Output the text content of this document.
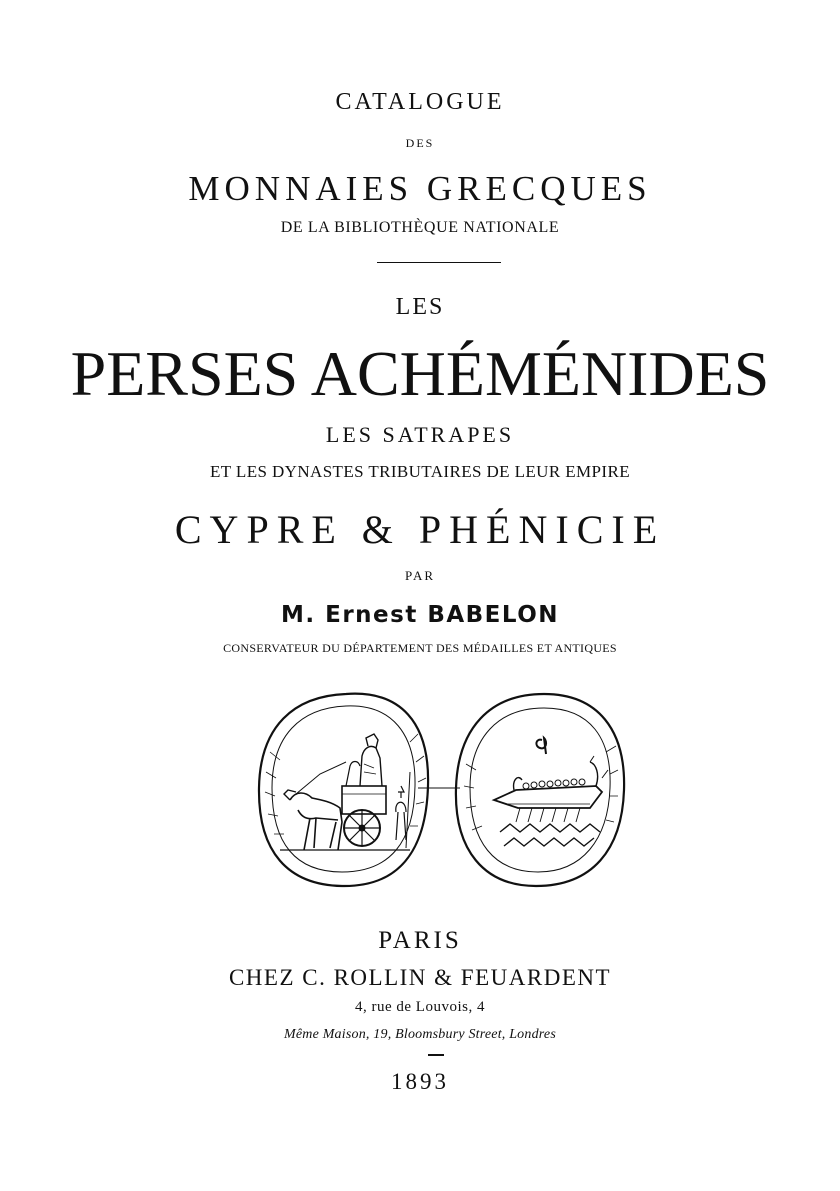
CATALOGUE
DES
MONNAIES GRECQUES
DE LA BIBLIOTHÈQUE NATIONALE
LES
PERSES ACHÉMÉNIDES
LES SATRAPES
ET LES DYNASTES TRIBUTAIRES DE LEUR EMPIRE
CYPRE & PHÉNICIE
PAR
M. Ernest BABELON
CONSERVATEUR DU DÉPARTEMENT DES MÉDAILLES ET ANTIQUES
PARIS
CHEZ C. ROLLIN & FEUARDENT
4, rue de Louvois, 4
Même Maison, 19, Bloomsbury Street, Londres
1893
